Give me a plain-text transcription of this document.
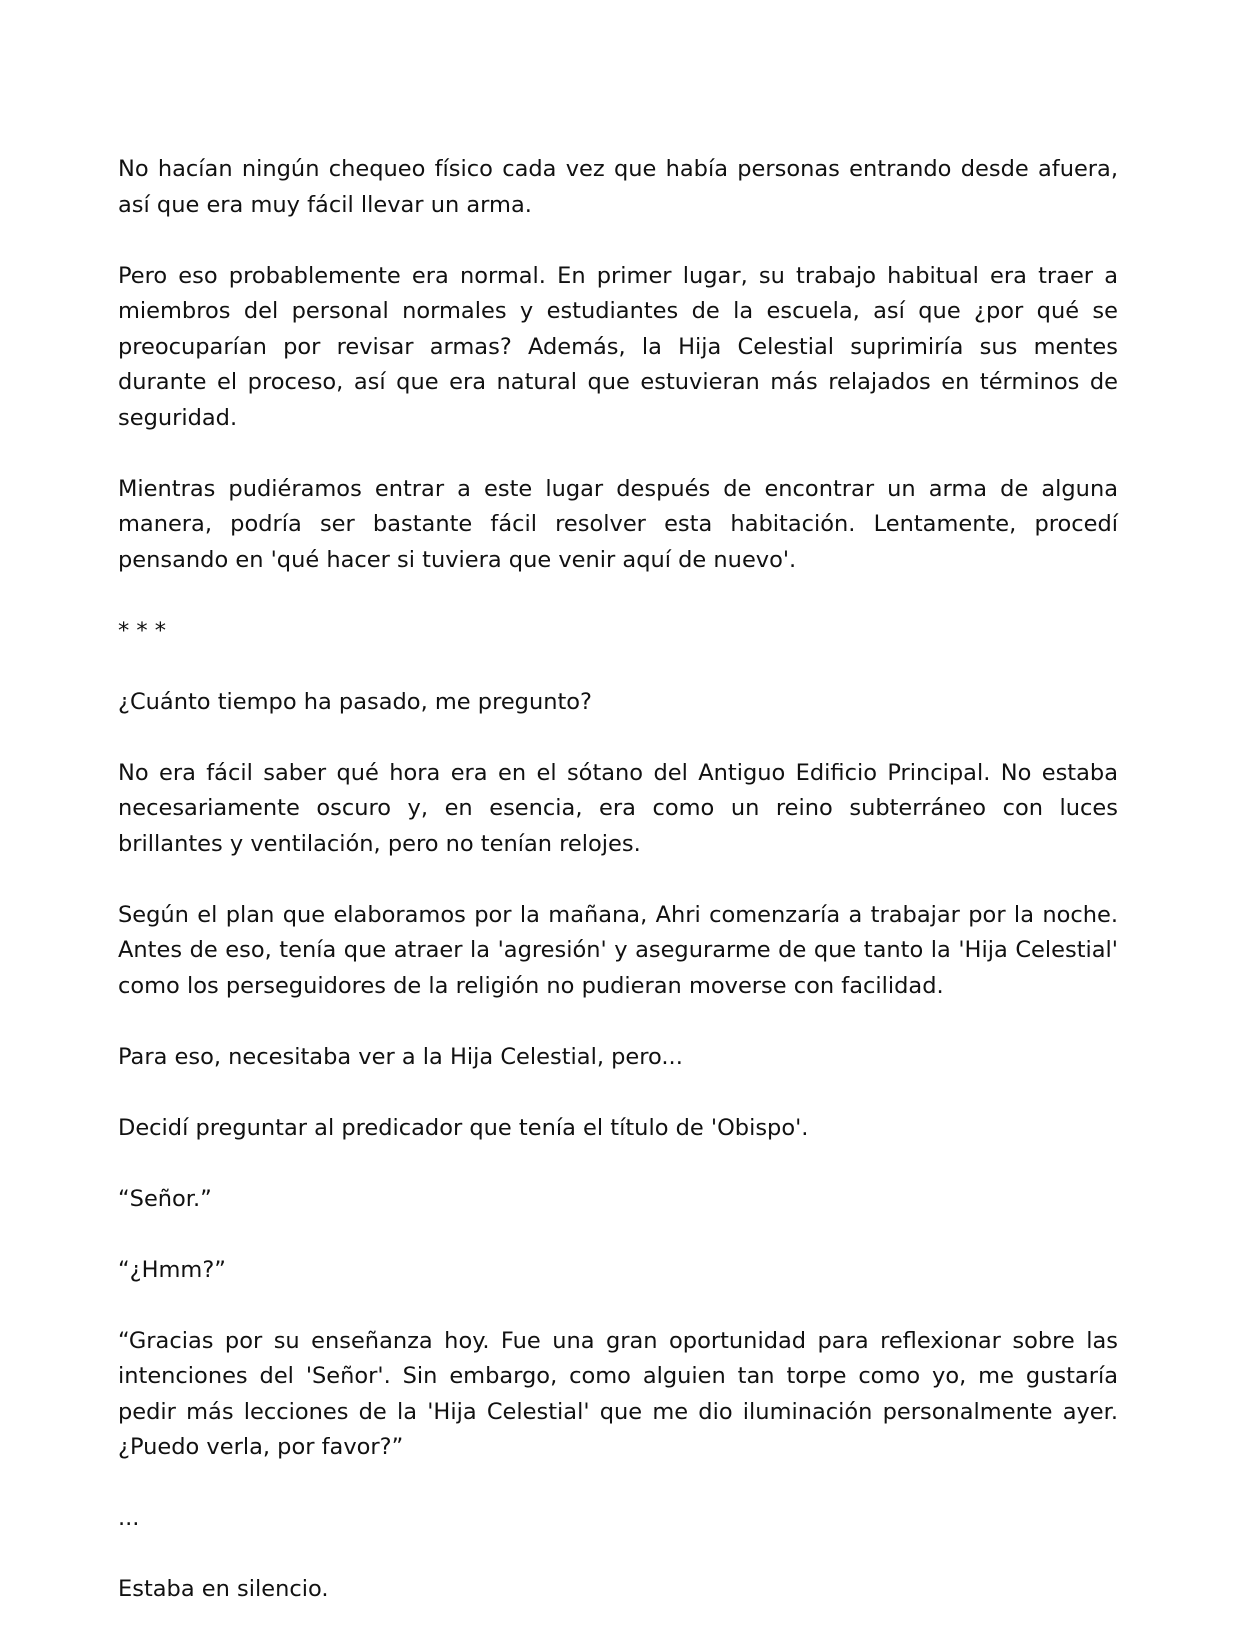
No hacían ningún chequeo físico cada vez que había personas entrando desde afuera, así que era muy fácil llevar un arma.

Pero eso probablemente era normal. En primer lugar, su trabajo habitual era traer a miembros del personal normales y estudiantes de la escuela, así que ¿por qué se preocuparían por revisar armas? Además, la Hija Celestial suprimiría sus mentes durante el proceso, así que era natural que estuvieran más relajados en términos de seguridad.

Mientras pudiéramos entrar a este lugar después de encontrar un arma de alguna manera, podría ser bastante fácil resolver esta habitación. Lentamente, procedí pensando en 'qué hacer si tuviera que venir aquí de nuevo'.

* * *

¿Cuánto tiempo ha pasado, me pregunto?

No era fácil saber qué hora era en el sótano del Antiguo Edificio Principal. No estaba necesariamente oscuro y, en esencia, era como un reino subterráneo con luces brillantes y ventilación, pero no tenían relojes.

Según el plan que elaboramos por la mañana, Ahri comenzaría a trabajar por la noche. Antes de eso, tenía que atraer la 'agresión' y asegurarme de que tanto la 'Hija Celestial' como los perseguidores de la religión no pudieran moverse con facilidad.

Para eso, necesitaba ver a la Hija Celestial, pero...

Decidí preguntar al predicador que tenía el título de 'Obispo'.

“Señor.”

“¿Hmm?”

“Gracias por su enseñanza hoy. Fue una gran oportunidad para reflexionar sobre las intenciones del 'Señor'. Sin embargo, como alguien tan torpe como yo, me gustaría pedir más lecciones de la 'Hija Celestial' que me dio iluminación personalmente ayer. ¿Puedo verla, por favor?”

...

Estaba en silencio.
